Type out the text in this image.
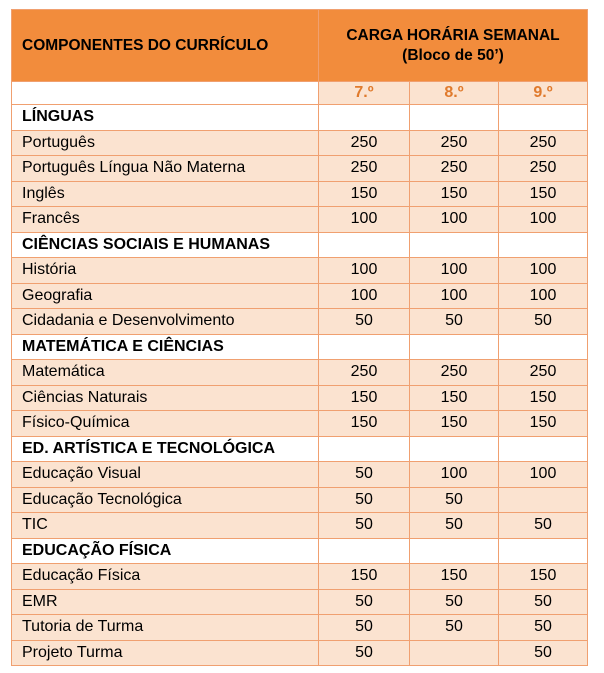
COMPONENTES DO CURRÍCULO	CARGA HORÁRIA SEMANAL
(Bloco de 50’)		

	7.º	8.º	9.º
LÍNGUAS			
Português	250	250	250
Português Língua Não Materna	250	250	250
Inglês	150	150	150
Francês	100	100	100
CIÊNCIAS SOCIAIS E HUMANAS			
História	100	100	100
Geografia	100	100	100
Cidadania e Desenvolvimento	50	50	50
MATEMÁTICA E CIÊNCIAS			
Matemática	250	250	250
Ciências Naturais	150	150	150
Físico-Química	150	150	150
ED. ARTÍSTICA E TECNOLÓGICA			
Educação Visual	50	100	100
Educação Tecnológica	50	50	
TIC	50	50	50
EDUCAÇÃO FÍSICA			
Educação Física	150	150	150
EMR	50	50	50
Tutoria de Turma	50	50	50
Projeto Turma	50		50
